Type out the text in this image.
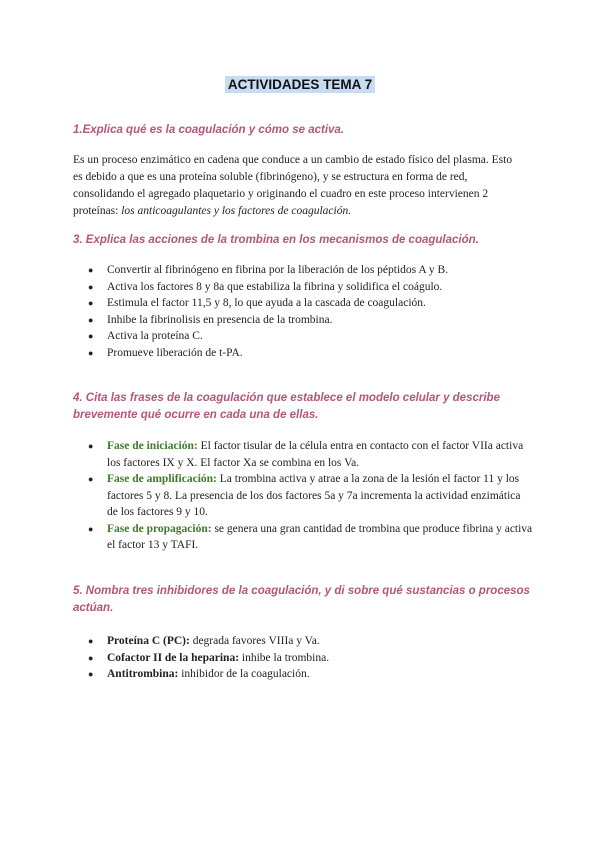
ACTIVIDADES TEMA 7

1.Explica qué es la coagulación y cómo se activa.

Es un proceso enzimático en cadena que conduce a un cambio de estado físico del plasma. Esto es debido a que es una proteína soluble (fibrinógeno), y se estructura en forma de red, consolidando el agregado plaquetario y originando el cuadro en este proceso intervienen 2 proteínas: los anticoagulantes y los factores de coagulación.

3. Explica las acciones de la trombina en los mecanismos de coagulación.

● Convertir al fibrinógeno en fibrina por la liberación de los péptidos A y B.
● Activa los factores 8 y 8a que estabiliza la fibrina y solidifica el coágulo.
● Estimula el factor 11,5 y 8, lo que ayuda a la cascada de coagulación.
● Inhibe la fibrinolisis en presencia de la trombina.
● Activa la proteína C.
● Promueve liberación de t-PA.

4. Cita las frases de la coagulación que establece el modelo celular y describe brevemente qué ocurre en cada una de ellas.

● Fase de iniciación: El factor tisular de la célula entra en contacto con el factor VIIa activa los factores IX y X. El factor Xa se combina en los Va.
● Fase de amplificación: La trombina activa y atrae a la zona de la lesión el factor 11 y los factores 5 y 8. La presencia de los dos factores 5a y 7a incrementa la actividad enzimática de los factores 9 y 10.
● Fase de propagación: se genera una gran cantidad de trombina que produce fibrina y activa el factor 13 y TAFI.

5. Nombra tres inhibidores de la coagulación, y di sobre qué sustancias o procesos actúan.

● Proteína C (PC): degrada favores VIIIa y Va.
● Cofactor II de la heparina: inhibe la trombina.
● Antitrombina: inhibidor de la coagulación.
